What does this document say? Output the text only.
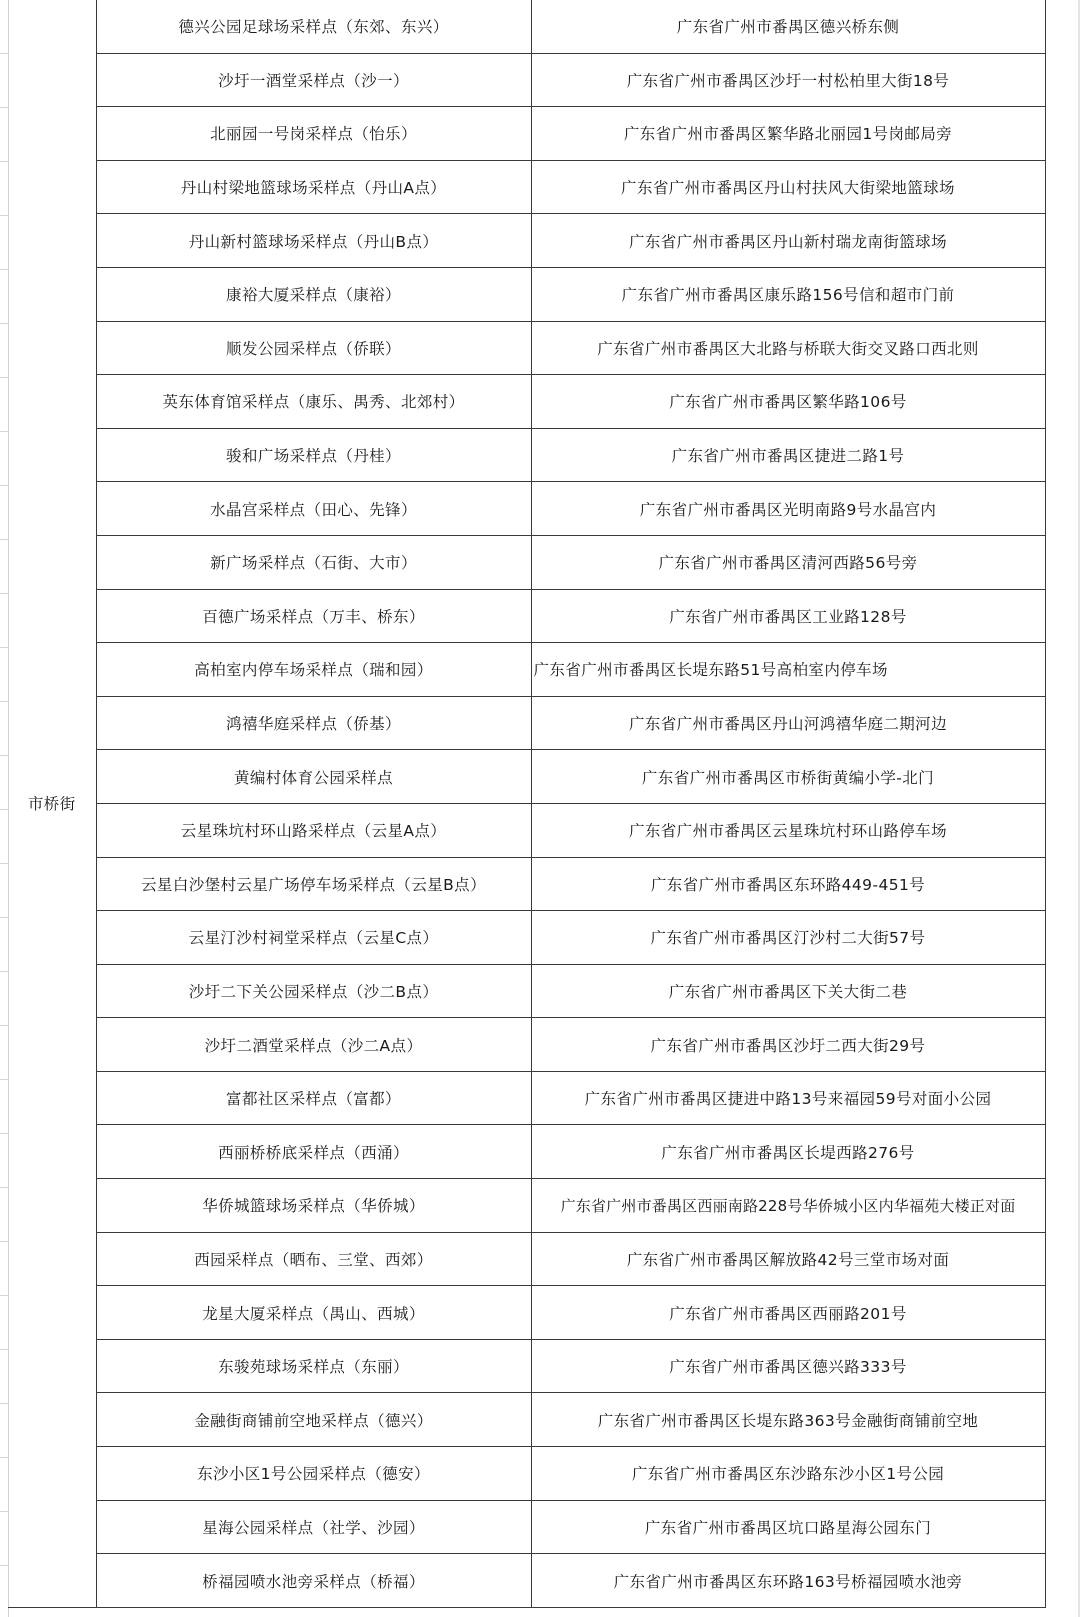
市桥街	德兴公园足球场采样点（东郊、东兴）	广东省广州市番禺区德兴桥东侧
	沙圩一酒堂采样点（沙一）	广东省广州市番禺区沙圩一村松柏里大街18号
	北丽园一号岗采样点（怡乐）	广东省广州市番禺区繁华路北丽园1号岗邮局旁
	丹山村梁地篮球场采样点（丹山A点）	广东省广州市番禺区丹山村扶风大街梁地篮球场
	丹山新村篮球场采样点（丹山B点）	广东省广州市番禺区丹山新村瑞龙南街篮球场
	康裕大厦采样点（康裕）	广东省广州市番禺区康乐路156号信和超市门前
	顺发公园采样点（侨联）	广东省广州市番禺区大北路与桥联大街交叉路口西北则
	英东体育馆采样点（康乐、禺秀、北郊村）	广东省广州市番禺区繁华路106号
	骏和广场采样点（丹桂）	广东省广州市番禺区捷进二路1号
	水晶宫采样点（田心、先锋）	广东省广州市番禺区光明南路9号水晶宫内
	新广场采样点（石街、大市）	广东省广州市番禺区清河西路56号旁
	百德广场采样点（万丰、桥东）	广东省广州市番禺区工业路128号
	高柏室内停车场采样点（瑞和园）	广东省广州市番禺区长堤东路51号高柏室内停车场
	鸿禧华庭采样点（侨基）	广东省广州市番禺区丹山河鸿禧华庭二期河边
	黄编村体育公园采样点	广东省广州市番禺区市桥街黄编小学-北门
	云星珠坑村环山路采样点（云星A点）	广东省广州市番禺区云星珠坑村环山路停车场
	云星白沙堡村云星广场停车场采样点（云星B点）	广东省广州市番禺区东环路449-451号
	云星汀沙村祠堂采样点（云星C点）	广东省广州市番禺区汀沙村二大街57号
	沙圩二下关公园采样点（沙二B点）	广东省广州市番禺区下关大街二巷
	沙圩二酒堂采样点（沙二A点）	广东省广州市番禺区沙圩二西大街29号
	富都社区采样点（富都）	广东省广州市番禺区捷进中路13号来福园59号对面小公园
	西丽桥桥底采样点（西涌）	广东省广州市番禺区长堤西路276号
	华侨城篮球场采样点（华侨城）	广东省广州市番禺区西丽南路228号华侨城小区内华福苑大楼正对面
	西园采样点（晒布、三堂、西郊）	广东省广州市番禺区解放路42号三堂市场对面
	龙星大厦采样点（禺山、西城）	广东省广州市番禺区西丽路201号
	东骏苑球场采样点（东丽）	广东省广州市番禺区德兴路333号
	金融街商铺前空地采样点（德兴）	广东省广州市番禺区长堤东路363号金融街商铺前空地
	东沙小区1号公园采样点（德安）	广东省广州市番禺区东沙路东沙小区1号公园
	星海公园采样点（社学、沙园）	广东省广州市番禺区坑口路星海公园东门
	桥福园喷水池旁采样点（桥福）	广东省广州市番禺区东环路163号桥福园喷水池旁
